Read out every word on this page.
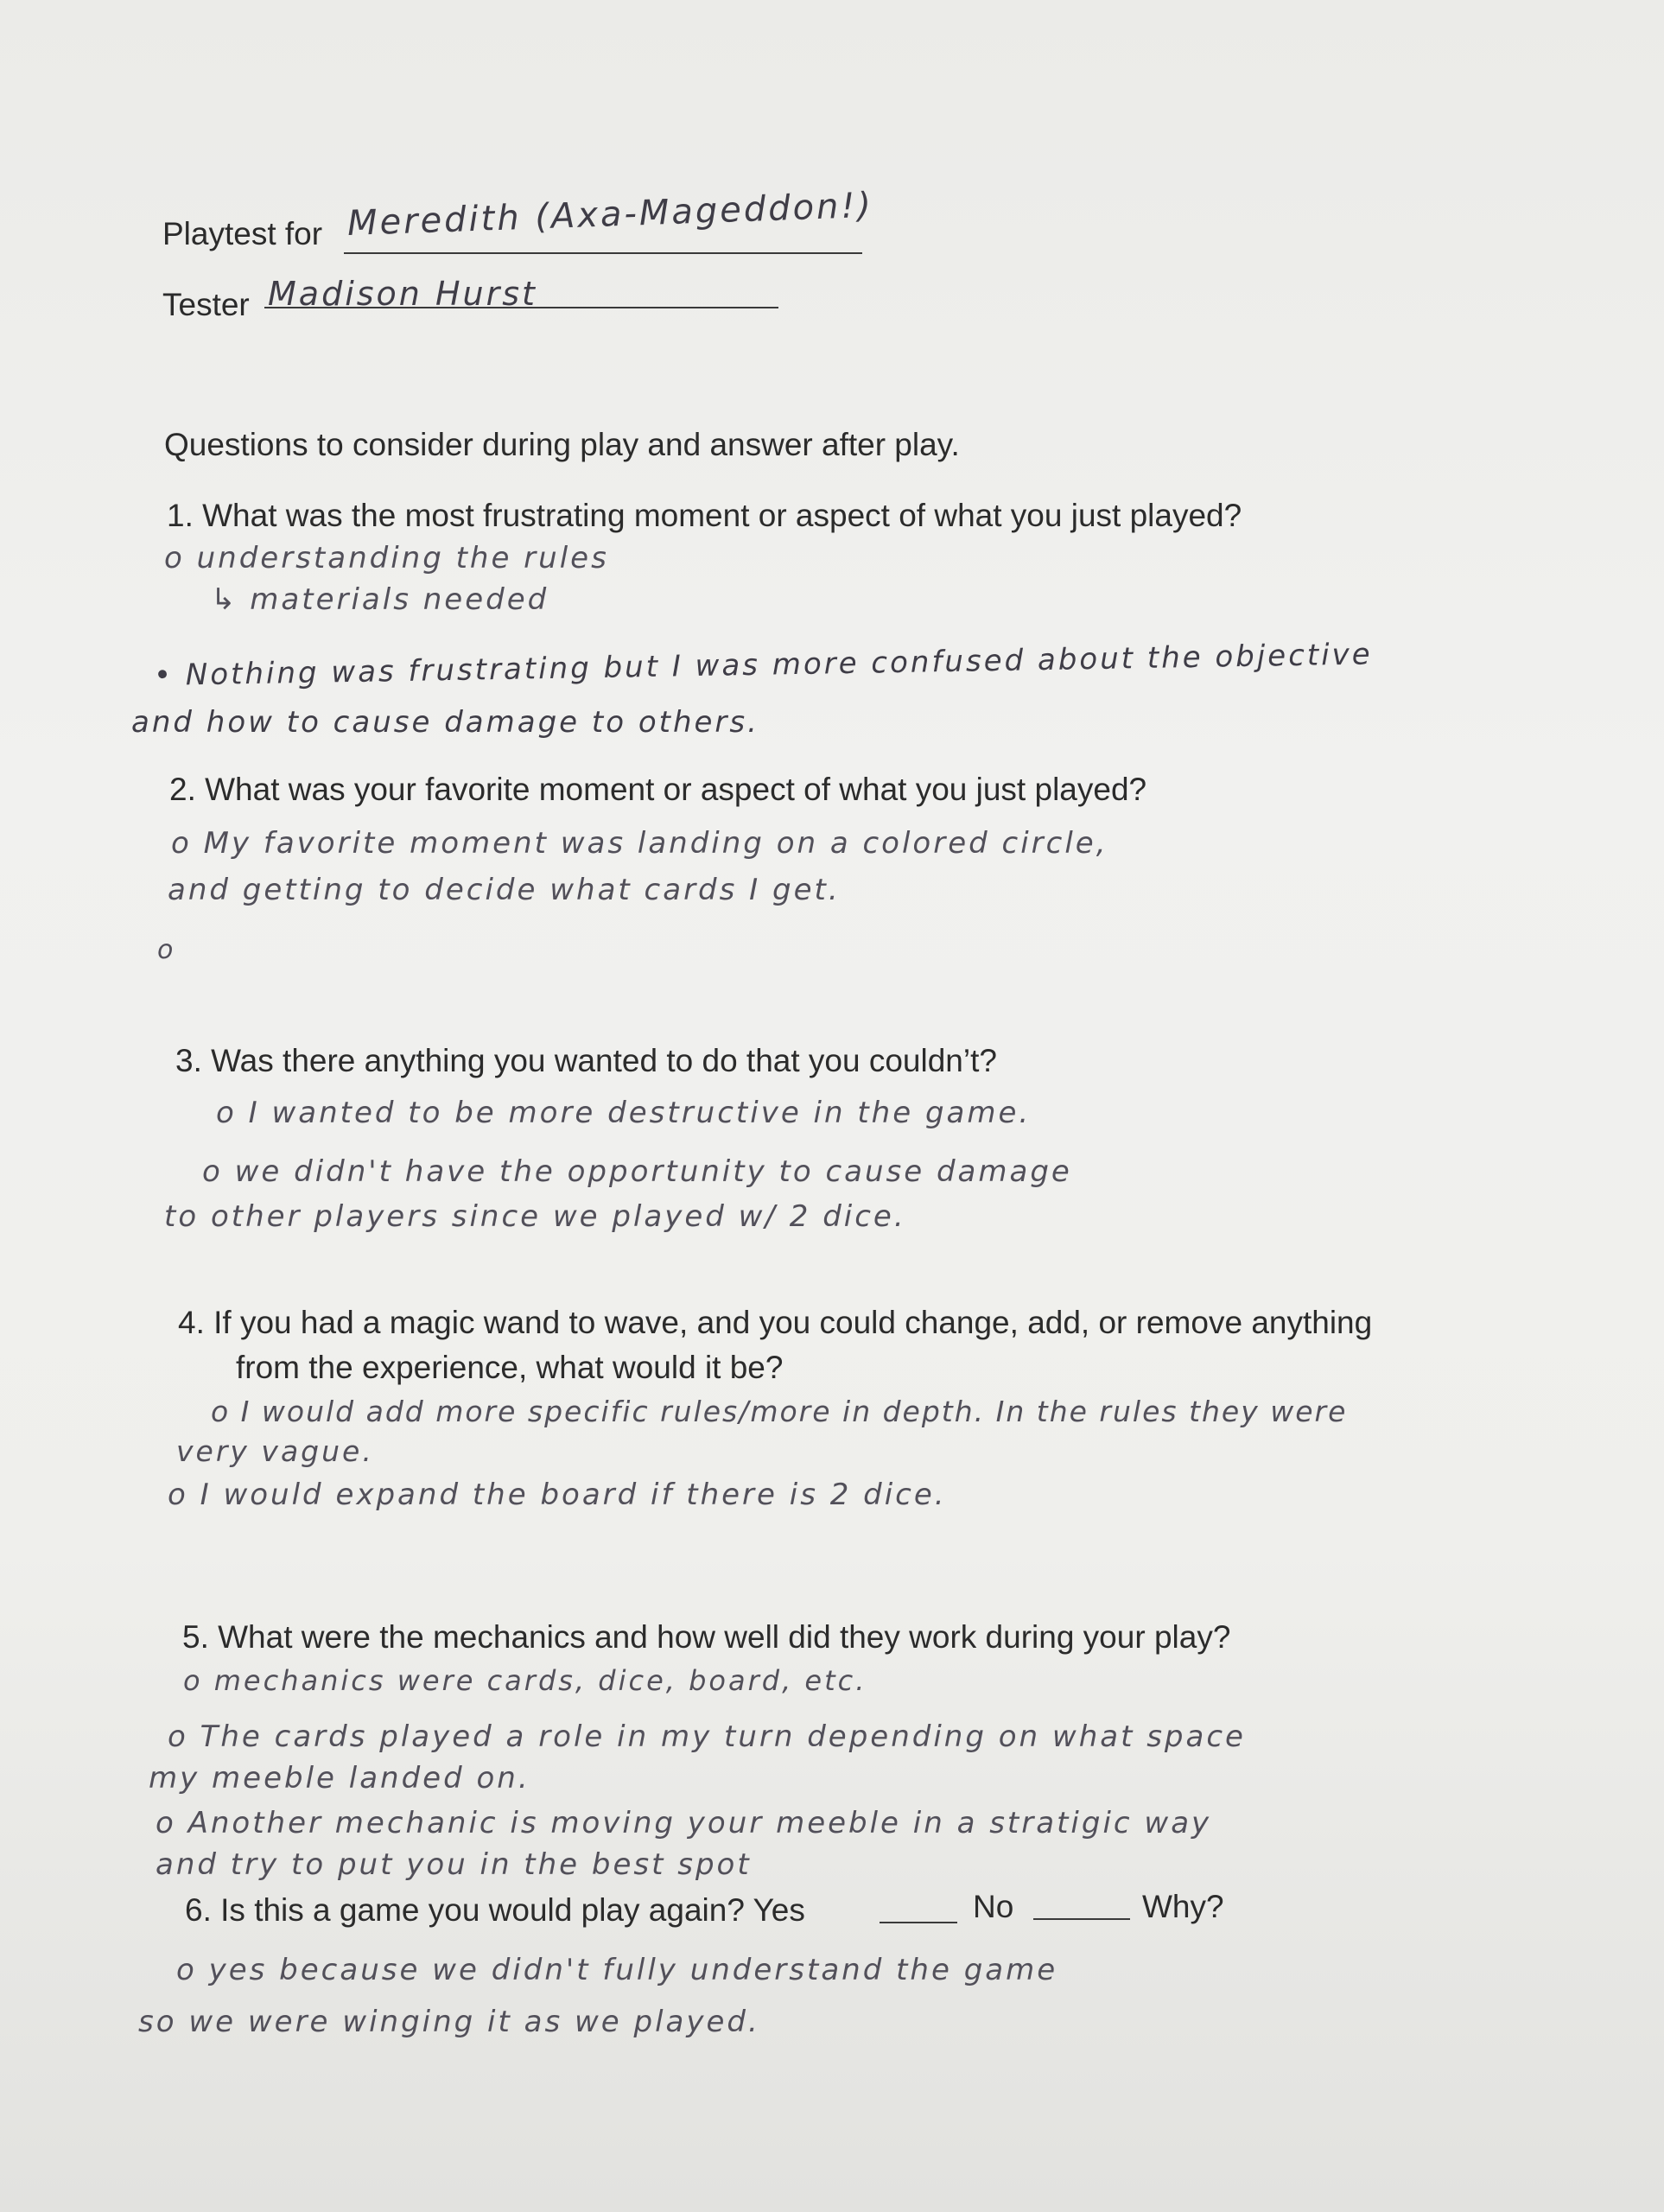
Playtest for Meredith (Axa-Mageddon!)
Tester Madison Hurst
Questions to consider during play and answer after play.
1. What was the most frustrating moment or aspect of what you just played?
o understanding the rules
↳ materials needed
• Nothing was frustrating but I was more confused about the objective
and how to cause damage to others.
2. What was your favorite moment or aspect of what you just played?
o My favorite moment was landing on a colored circle,
and getting to decide what cards I get.
o
3. Was there anything you wanted to do that you couldn’t?
o I wanted to be more destructive in the game.
o we didn't have the opportunity to cause damage
to other players since we played w/ 2 dice.
4. If you had a magic wand to wave, and you could change, add, or remove anything
from the experience, what would it be?
o I would add more specific rules/more in depth. In the rules they were
very vague.
o I would expand the board if there is 2 dice.
5. What were the mechanics and how well did they work during your play?
o mechanics were cards, dice, board, etc.
o The cards played a role in my turn depending on what space
my meeble landed on.
o Another mechanic is moving your meeble in a stratigic way
and try to put you in the best spot
6. Is this a game you would play again? Yes	No	Why?
o yes because we didn't fully understand the game
so we were winging it as we played.
